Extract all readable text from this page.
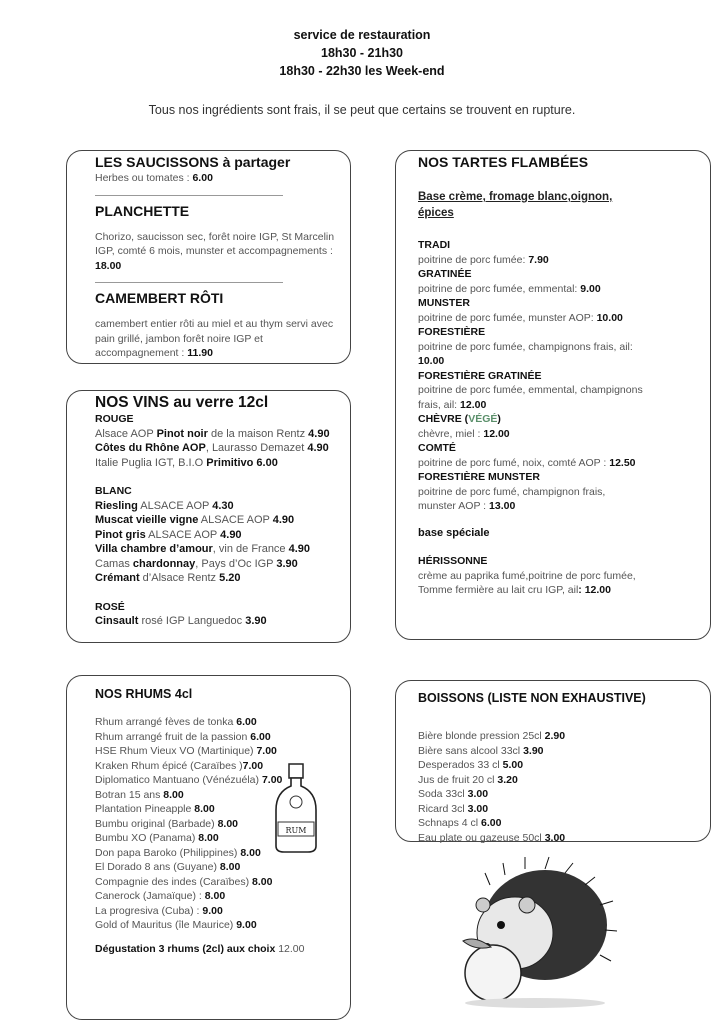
service de restauration
18h30 - 21h30
18h30 - 22h30 les Week-end
Tous nos ingrédients sont frais, il se peut que certains se trouvent en rupture.
LES SAUCISSONS à partager
Herbes ou tomates : 6.00
PLANCHETTE
Chorizo, saucisson sec, forêt noire IGP, St Marcelin IGP, comté 6 mois, munster et accompagnements : 18.00
CAMEMBERT RÔTI
camembert entier rôti au miel et au thym servi avec pain grillé, jambon forêt noire IGP et accompagnement : 11.90
NOS VINS au verre 12cl
ROUGE
Alsace AOP Pinot noir de la maison Rentz 4.90
Côtes du Rhône AOP, Laurasso Demazet 4.90
Italie Puglia IGT, B.I.O Primitivo 6.00
BLANC
Riesling ALSACE AOP 4.30
Muscat vieille vigne ALSACE AOP 4.90
Pinot gris ALSACE AOP 4.90
Villa chambre d’amour, vin de France 4.90
Camas chardonnay, Pays d’Oc IGP 3.90
Crémant d’Alsace Rentz 5.20
ROSÉ
Cinsault rosé IGP Languedoc 3.90
NOS RHUMS 4cl
Rhum arrangé fèves de tonka 6.00
Rhum arrangé fruit de la passion 6.00
HSE Rhum Vieux VO (Martinique) 7.00
Kraken Rhum épicé (Caraïbes )7.00
Diplomatico Mantuano (Vénézuéla) 7.00
Botran 15 ans 8.00
Plantation Pineapple 8.00
Bumbu original (Barbade) 8.00
Bumbu XO (Panama) 8.00
Don papa Baroko (Philippines) 8.00
El Dorado 8 ans (Guyane) 8.00
Compagnie des indes (Caraïbes) 8.00
Canerock (Jamaïque) : 8.00
La progresiva (Cuba) : 9.00
Gold of Mauritus (île Maurice) 9.00
Dégustation 3 rhums (2cl) aux choix 12.00
RUM
NOS TARTES FLAMBÉES
Base crème, fromage blanc,oignon, épices
TRADI
poitrine de porc fumée: 7.90
GRATINÉE
poitrine de porc fumée, emmental: 9.00
MUNSTER
poitrine de porc fumée, munster AOP: 10.00
FORESTIÈRE
poitrine de porc fumée, champignons frais, ail: 10.00
FORESTIÈRE GRATINÉE
poitrine de porc fumée, emmental, champignons frais, ail: 12.00
CHÈVRE (VÉGÉ)
chèvre, miel : 12.00
COMTÉ
poitrine de porc fumé, noix, comté AOP : 12.50
FORESTIÈRE MUNSTER
poitrine de porc fumé, champignon frais, munster AOP : 13.00
base spéciale
HÉRISSONNE
crème au paprika fumé,poitrine de porc fumée, Tomme fermière au lait cru IGP, ail: 12.00
BOISSONS (LISTE NON EXHAUSTIVE)
Bière blonde pression 25cl 2.90
Bière sans alcool 33cl 3.90
Desperados 33 cl 5.00
Jus de fruit 20 cl 3.20
Soda 33cl 3.00
Ricard 3cl 3.00
Schnaps 4 cl 6.00
Eau plate ou gazeuse 50cl 3.00
